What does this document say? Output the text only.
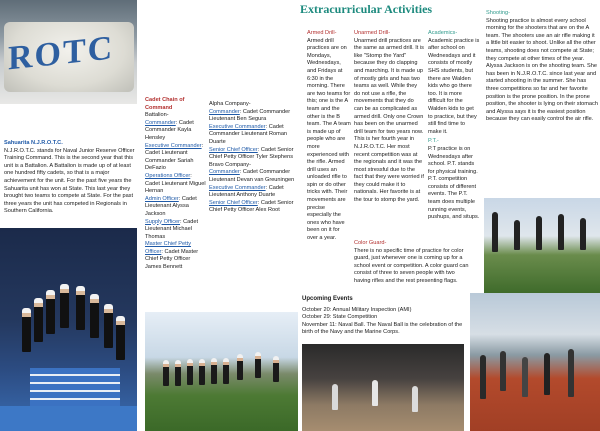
ROTC
Sahuarita N.J.R.O.T.C.
N.J.R.O.T.C. stands for Naval Junior Reserve Officer Training Command. This is the second year that this unit is a Battalion. A Battalion is made up of at least one hundred fifty cadets, so that is a major achievement for the unit. For the past five years the Sahuarita unit has won at State. This last year they brought two teams to compete at State. For the past three years the unit has competed in Regionals in Southern California.
Cadet Chain of Command
Battalion-
Commander: Cadet Commander Kayla Hensley
Executive Commander: Cadet Lieutenant Commander Sariah DeFazio
Operations Officer: Cadet Lieutenant Miguel Hernan
Admin Officer: Cadet Lieutenant Alyssa Jackson
Supply Officer: Cadet Lieutenant Michael Thomas
Master Chief Petty Officer: Cadet Master Chief Petty Officer James Bennett
Alpha Company-
Commander: Cadet Commander Lieutenant Ben Segura
Executive Commander: Cadet Commander Lieutenant Roman Duarte
Senior Chief Officer: Cadet Senior Chief Petty Officer Tyler Stephens
Bravo Company-
Commander: Cadet Commander Lieutenant Devan van Greuningen
Executive Commander: Cadet Lieutenant Anthony Duarte
Senior Chief Officer: Cadet Senior Chief Petty Officer Alex Root
Extracurricular Activities
Armed Drill-
Armed drill practices are on Mondays, Wednesdays, and Fridays at 6:30 in the morning. There are two teams for this; one is the A team and the other is the B team. The A team is made up of people who are more experienced with the rifle. Armed drill uses an unloaded rifle to spin or do other tricks with. Their movements are precise especially the ones who have been on it for over a year.
Unarmed Drill-
Unarmed drill practices are the same as armed drill. It is like "Stomp the Yard" because they do clapping and marching. It is made up of mostly girls and has two teams as well. While they do not use a rifle, the movements that they do can be as complicated as armed drill. Only one Crown has been on the unarmed drill team for two years now. This is her fourth year in N.J.R.O.T.C. Her most recent competition was at the regionals and it was the most stressful due to the fact that they were worried if they could make it to nationals. Her favorite is at the tour to stomp the yard.
Color Guard-
There is no specific time of practice for color guard, just whenever one is coming up for a school event or competition. A color guard can consist of three to seven people with two having rifles and the rest presenting flags.
Academics-
Academic practice is after school on Wednesdays and it consists of mostly SHS students, but there are Walden kids who go there too. It is more difficult for the Walden kids to get to practice, but they still find time to make it.
P.T.-
P.T practice is on Wednesdays after school. P.T. stands for physical training. P.T. competition consists of different events. The P.T. team does multiple running events, pushups, and situps.
Shooting-
Shooting practice is almost every school morning for the shooters that are on the A team. The shooters use an air rifle making it a little bit easier to shoot. Unlike all the other teams, shooting does not compete at State; they compete at other times of the year. Alyssa Jackson is on the shooting team. She has been in N.J.R.O.T.C. since last year and started shooting in the summer. She has three competitions so far and her favorite position is the prone position. In the prone position, the shooter is lying on their stomach and Alyssa says it is the easiest position because they can easily control the air rifle.
Upcoming Events
October 20: Annual Military Inspection (AMI)
October 29: State Competition
November 11: Naval Ball. The Naval Ball is the celebration of the birth of the Navy and the Marine Corps.
